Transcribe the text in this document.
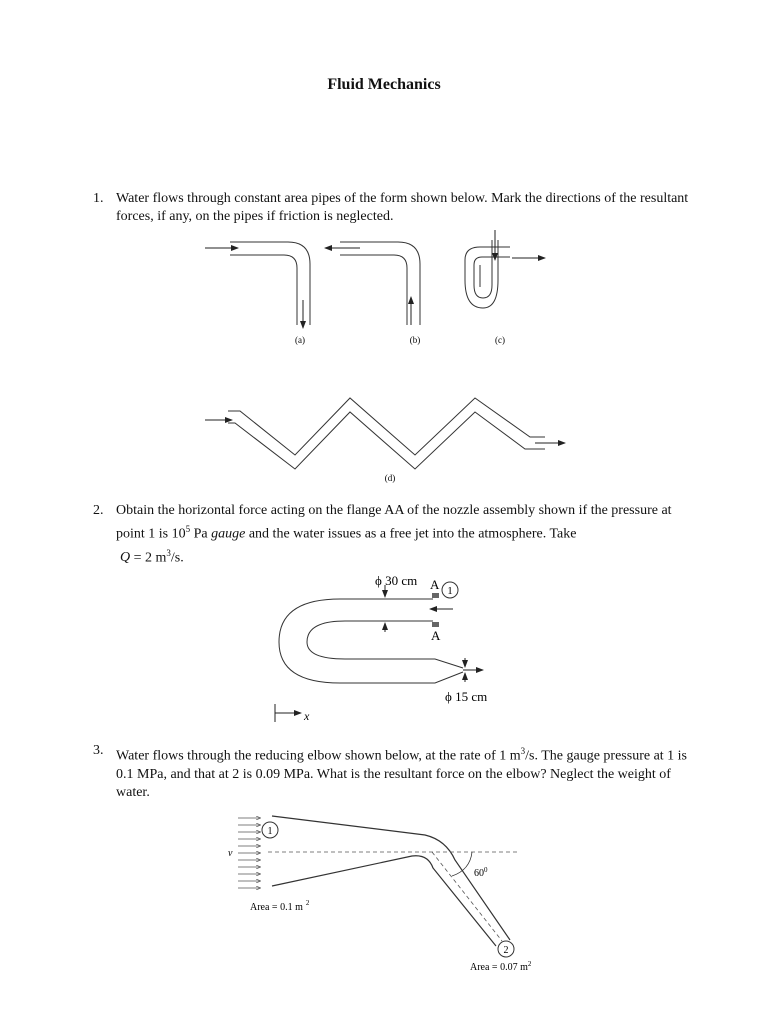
Fluid Mechanics
1. Water flows through constant area pipes of the form shown below. Mark the directions of the resultant forces, if any, on the pipes if friction is neglected.
(a)	(b)	(c)
(d)
2. Obtain the horizontal force acting on the flange AA of the nozzle assembly shown if the pressure at point 1 is $10^5$ Pa gauge and the water issues as a free jet into the atmosphere. Take
Q = 2 $m^3/s$.
ϕ 30 cm A 1
A
ϕ 15 cm
x
3. Water flows through the reducing elbow shown below, at the rate of 1 $m^3/s$. The gauge pressure at 1 is 0.1 MPa, and that at 2 is 0.09 MPa. What is the resultant force on the elbow? Neglect the weight of water.
1
2
v
$60^0$
Area = 0.1 m $^2$
Area = 0.07 $m^2$
